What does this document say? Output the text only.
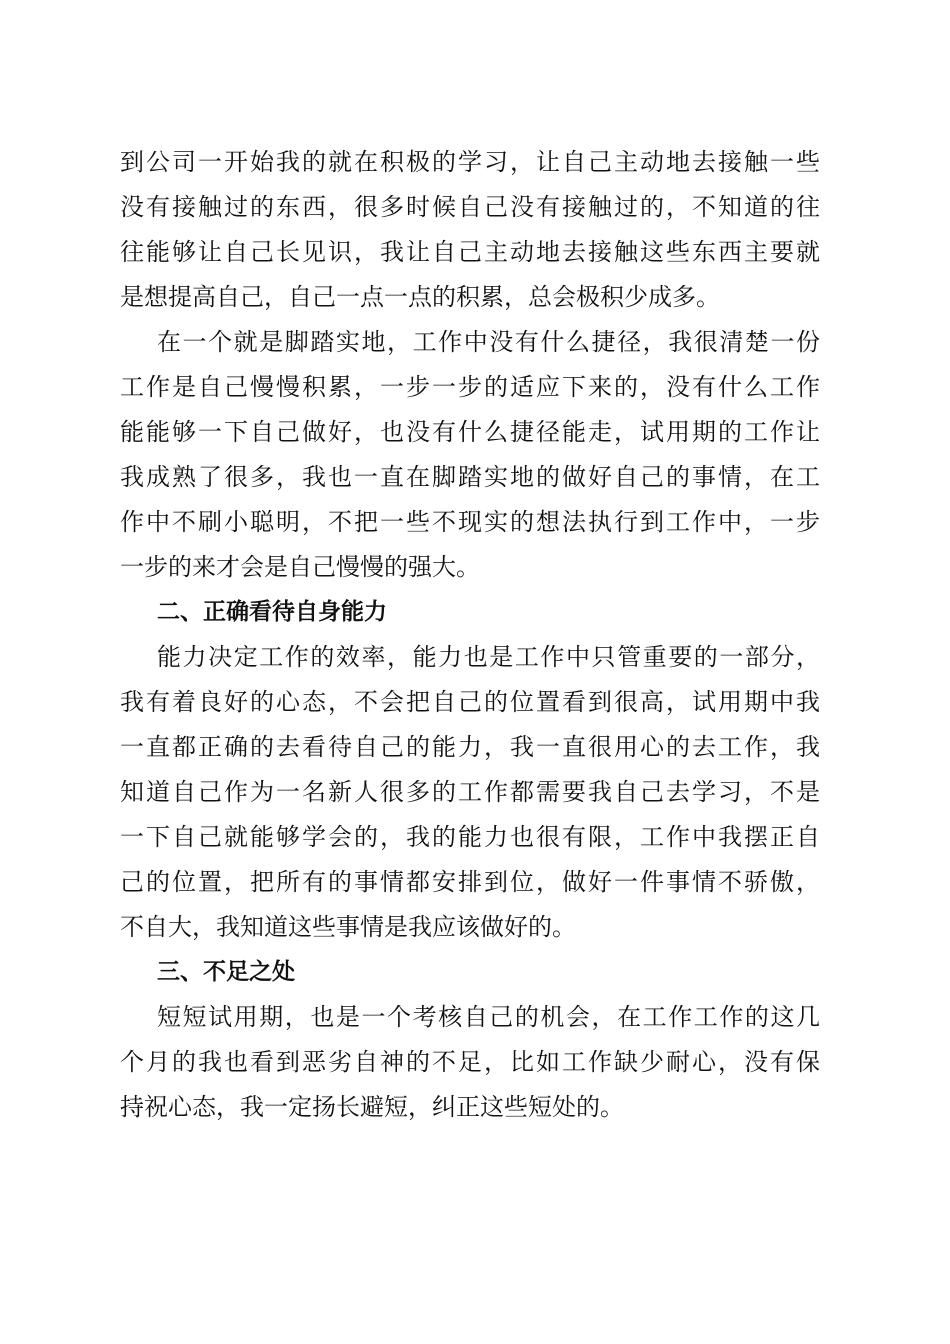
到公司一开始我的就在积极的学习，让自己主动地去接触一些
没有接触过的东西，很多时候自己没有接触过的，不知道的往
往能够让自己长见识，我让自己主动地去接触这些东西主要就
是想提高自己，自己一点一点的积累，总会极积少成多。
在一个就是脚踏实地，工作中没有什么捷径，我很清楚一份
工作是自己慢慢积累，一步一步的适应下来的，没有什么工作
能能够一下自己做好，也没有什么捷径能走，试用期的工作让
我成熟了很多，我也一直在脚踏实地的做好自己的事情，在工
作中不刷小聪明，不把一些不现实的想法执行到工作中，一步
一步的来才会是自己慢慢的强大。
二、正确看待自身能力
能力决定工作的效率，能力也是工作中只管重要的一部分，
我有着良好的心态，不会把自己的位置看到很高，试用期中我
一直都正确的去看待自己的能力，我一直很用心的去工作，我
知道自己作为一名新人很多的工作都需要我自己去学习，不是
一下自己就能够学会的，我的能力也很有限，工作中我摆正自
己的位置，把所有的事情都安排到位，做好一件事情不骄傲，
不自大，我知道这些事情是我应该做好的。
三、不足之处
短短试用期，也是一个考核自己的机会，在工作工作的这几
个月的我也看到恶劣自神的不足，比如工作缺少耐心，没有保
持祝心态，我一定扬长避短，纠正这些短处的。
